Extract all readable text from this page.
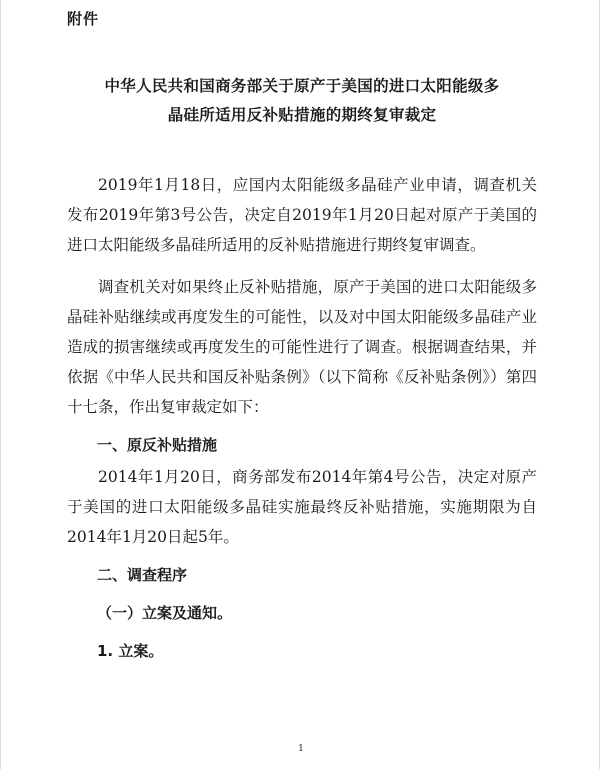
附件
中华人民共和国商务部关于原产于美国的进口太阳能级多
晶硅所适用反补贴措施的期终复审裁定

2019年1月18日，应国内太阳能级多晶硅产业申请，调查机关发布2019年第3号公告，决定自2019年1月20日起对原产于美国的进口太阳能级多晶硅所适用的反补贴措施进行期终复审调查。

调查机关对如果终止反补贴措施，原产于美国的进口太阳能级多晶硅补贴继续或再度发生的可能性，以及对中国太阳能级多晶硅产业造成的损害继续或再度发生的可能性进行了调查。根据调查结果，并依据《中华人民共和国反补贴条例》（以下简称《反补贴条例》）第四十七条，作出复审裁定如下：

一、原反补贴措施

2014年1月20日，商务部发布2014年第4号公告，决定对原产于美国的进口太阳能级多晶硅实施最终反补贴措施，实施期限为自2014年1月20日起5年。

二、调查程序

（一）立案及通知。

1. 立案。

1
